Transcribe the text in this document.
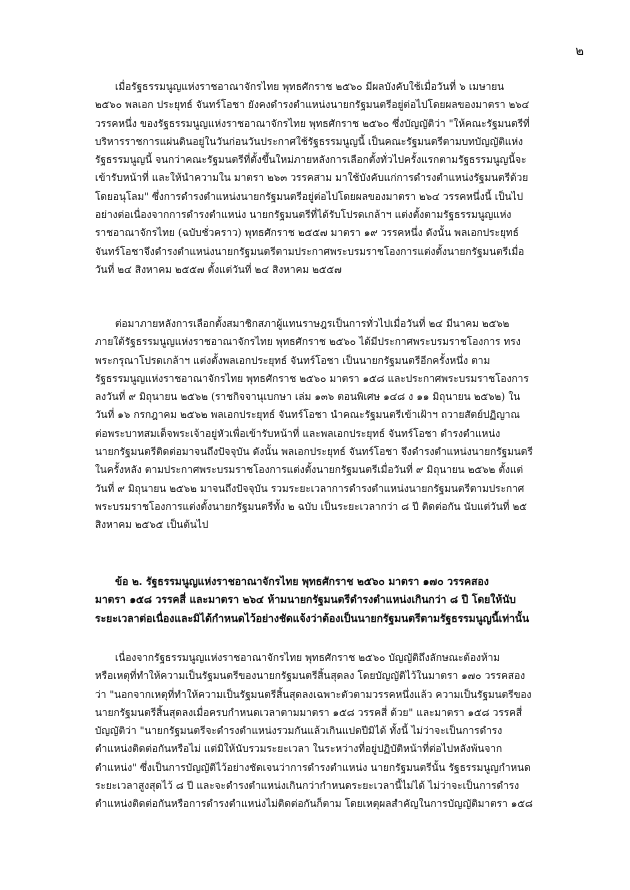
๒

เมื่อรัฐธรรมนูญแห่งราชอาณาจักรไทย พุทธศักราช ๒๕๖๐ มีผลบังคับใช้เมื่อวันที่ ๖ เมษายน
๒๕๖๐ พลเอก ประยุทธ์ จันทร์โอชา ยังคงดำรงตำแหน่งนายกรัฐมนตรีอยู่ต่อไปโดยผลของมาตรา ๒๖๔
วรรคหนึ่ง ของรัฐธรรมนูญแห่งราชอาณาจักรไทย พุทธศักราช ๒๕๖๐ ซึ่งบัญญัติว่า "ให้คณะรัฐมนตรีที่
บริหารราชการแผ่นดินอยู่ในวันก่อนวันประกาศใช้รัฐธรรมนูญนี้ เป็นคณะรัฐมนตรีตามบทบัญญัติแห่ง
รัฐธรรมนูญนี้ จนกว่าคณะรัฐมนตรีที่ตั้งขึ้นใหม่ภายหลังการเลือกตั้งทั่วไปครั้งแรกตามรัฐธรรมนูญนี้จะ
เข้ารับหน้าที่ และให้นำความใน มาตรา ๒๖๓ วรรคสาม มาใช้บังคับแก่การดำรงตำแหน่งรัฐมนตรีด้วย
โดยอนุโลม" ซึ่งการดำรงตำแหน่งนายกรัฐมนตรีอยู่ต่อไปโดยผลของมาตรา ๒๖๔ วรรคหนึ่งนี้ เป็นไป
อย่างต่อเนื่องจากการดำรงตำแหน่ง นายกรัฐมนตรีที่ได้รับโปรดเกล้าฯ แต่งตั้งตามรัฐธรรมนูญแห่ง
ราชอาณาจักรไทย (ฉบับชั่วคราว) พุทธศักราช ๒๕๕๗ มาตรา ๑๙ วรรคหนึ่ง ดังนั้น พลเอกประยุทธ์
จันทร์โอชาจึงดำรงตำแหน่งนายกรัฐมนตรีตามประกาศพระบรมราชโองการแต่งตั้งนายกรัฐมนตรีเมื่อ
วันที่ ๒๔ สิงหาคม ๒๕๕๗ ตั้งแต่วันที่ ๒๔ สิงหาคม ๒๕๕๗

ต่อมาภายหลังการเลือกตั้งสมาชิกสภาผู้แทนราษฎรเป็นการทั่วไปเมื่อวันที่ ๒๔ มีนาคม ๒๕๖๒
ภายใต้รัฐธรรมนูญแห่งราชอาณาจักรไทย พุทธศักราช ๒๕๖๐ ได้มีประกาศพระบรมราชโองการ ทรง
พระกรุณาโปรดเกล้าฯ แต่งตั้งพลเอกประยุทธ์ จันทร์โอชา เป็นนายกรัฐมนตรีอีกครั้งหนึ่ง ตาม
รัฐธรรมนูญแห่งราชอาณาจักรไทย พุทธศักราช ๒๕๖๐ มาตรา ๑๕๘ และประกาศพระบรมราชโองการ
ลงวันที่ ๙ มิถุนายน ๒๕๖๒ (ราชกิจจานุเบกษา เล่ม ๑๓๖ ตอนพิเศษ ๑๔๘ ง ๑๑ มิถุนายน ๒๕๖๒) ใน
วันที่ ๑๖ กรกฎาคม ๒๕๖๒ พลเอกประยุทธ์ จันทร์โอชา นำคณะรัฐมนตรีเข้าเฝ้าฯ ถวายสัตย์ปฏิญาณ
ต่อพระบาทสมเด็จพระเจ้าอยู่หัวเพื่อเข้ารับหน้าที่ และพลเอกประยุทธ์ จันทร์โอชา ดำรงตำแหน่ง
นายกรัฐมนตรีติดต่อมาจนถึงปัจจุบัน ดังนั้น พลเอกประยุทธ์ จันทร์โอชา จึงดำรงตำแหน่งนายกรัฐมนตรี
ในครั้งหลัง ตามประกาศพระบรมราชโองการแต่งตั้งนายกรัฐมนตรีเมื่อวันที่ ๙ มิถุนายน ๒๕๖๒ ตั้งแต่
วันที่ ๙ มิถุนายน ๒๕๖๒ มาจนถึงปัจจุบัน รวมระยะเวลาการดำรงตำแหน่งนายกรัฐมนตรีตามประกาศ
พระบรมราชโองการแต่งตั้งนายกรัฐมนตรีทั้ง ๒ ฉบับ เป็นระยะเวลากว่า ๘ ปี ติดต่อกัน นับแต่วันที่ ๒๕
สิงหาคม ๒๕๖๕ เป็นต้นไป

ข้อ ๒. รัฐธรรมนูญแห่งราชอาณาจักรไทย พุทธศักราช ๒๕๖๐ มาตรา ๑๗๐ วรรคสอง
มาตรา ๑๕๘ วรรคสี่ และมาตรา ๒๖๔ ห้ามนายกรัฐมนตรีดำรงตำแหน่งเกินกว่า ๘ ปี โดยให้นับ
ระยะเวลาต่อเนื่องและมิได้กำหนดไว้อย่างชัดแจ้งว่าต้องเป็นนายกรัฐมนตรีตามรัฐธรรมนูญนี้เท่านั้น

เนื่องจากรัฐธรรมนูญแห่งราชอาณาจักรไทย พุทธศักราช ๒๕๖๐ บัญญัติถึงลักษณะต้องห้าม
หรือเหตุที่ทำให้ความเป็นรัฐมนตรีของนายกรัฐมนตรีสิ้นสุดลง โดยบัญญัติไว้ในมาตรา ๑๗๐ วรรคสอง
ว่า "นอกจากเหตุที่ทำให้ความเป็นรัฐมนตรีสิ้นสุดลงเฉพาะตัวตามวรรคหนึ่งแล้ว ความเป็นรัฐมนตรีของ
นายกรัฐมนตรีสิ้นสุดลงเมื่อครบกำหนดเวลาตามมาตรา ๑๕๘ วรรคสี่ ด้วย" และมาตรา ๑๕๘ วรรคสี่
บัญญัติว่า "นายกรัฐมนตรีจะดำรงตำแหน่งรวมกันแล้วเกินแปดปีมิได้ ทั้งนี้ ไม่ว่าจะเป็นการดำรง
ตำแหน่งติดต่อกันหรือไม่ แต่มิให้นับรวมระยะเวลา ในระหว่างที่อยู่ปฏิบัติหน้าที่ต่อไปหลังพ้นจาก
ตำแหน่ง" ซึ่งเป็นการบัญญัติไว้อย่างชัดเจนว่าการดำรงตำแหน่ง นายกรัฐมนตรีนั้น รัฐธรรมนูญกำหนด
ระยะเวลาสูงสุดไว้ ๘ ปี และจะดำรงตำแหน่งเกินกว่ากำหนดระยะเวลานี้ไม่ได้ ไม่ว่าจะเป็นการดำรง
ตำแหน่งติดต่อกันหรือการดำรงตำแหน่งไม่ติดต่อกันก็ตาม โดยเหตุผลสำคัญในการบัญญัติมาตรา ๑๕๘
